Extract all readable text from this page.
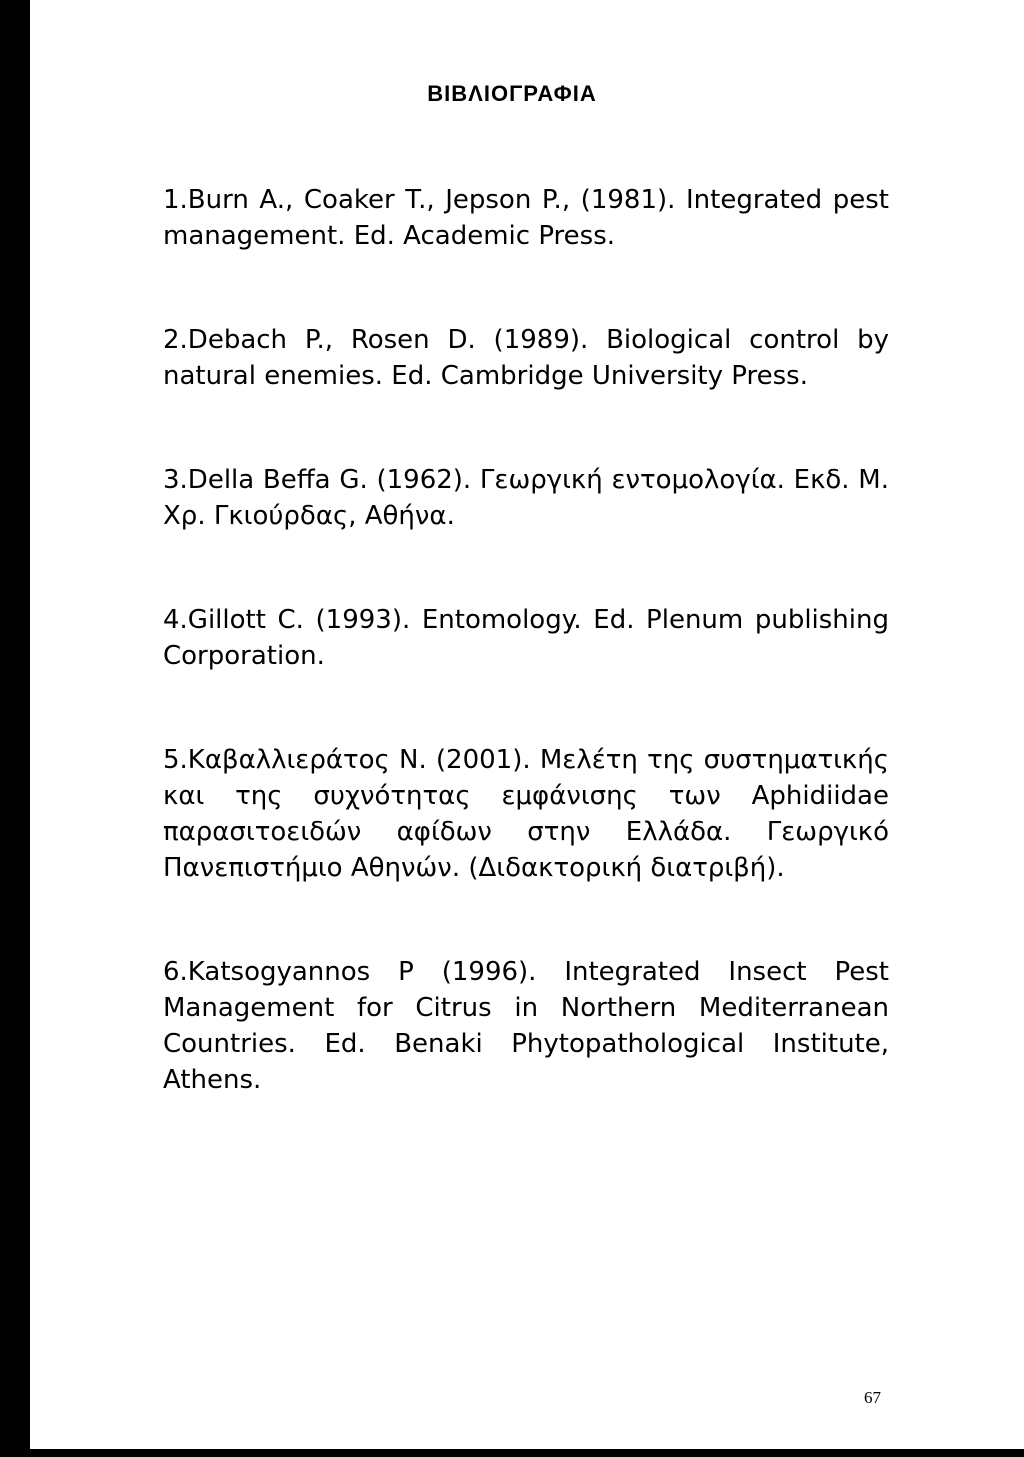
ΒΙΒΛΙΟΓΡΑΦΙΑ

1.Burn A., Coaker T., Jepson P., (1981). Integrated pest management. Ed. Academic Press.

2.Debach P., Rosen D. (1989). Biological control by natural enemies. Ed. Cambridge University Press.

3.Della Beffa G. (1962). Γεωργική εντομολογία. Εκδ. Μ. Χρ. Γκιούρδας, Αθήνα.

4.Gillott C. (1993). Entomology. Ed. Plenum publishing Corporation.

5.Καβαλλιεράτος Ν. (2001). Μελέτη της συστηματικής και της συχνότητας εμφάνισης των Aphidiidae παρασιτοειδών αφίδων στην Ελλάδα. Γεωργικό Πανεπιστήμιο Αθηνών. (Διδακτορική διατριβή).

6.Katsogyannos P (1996). Integrated Insect Pest Management for Citrus in Northern Mediterranean Countries. Ed. Benaki Phytopathological Institute, Athens.

67
